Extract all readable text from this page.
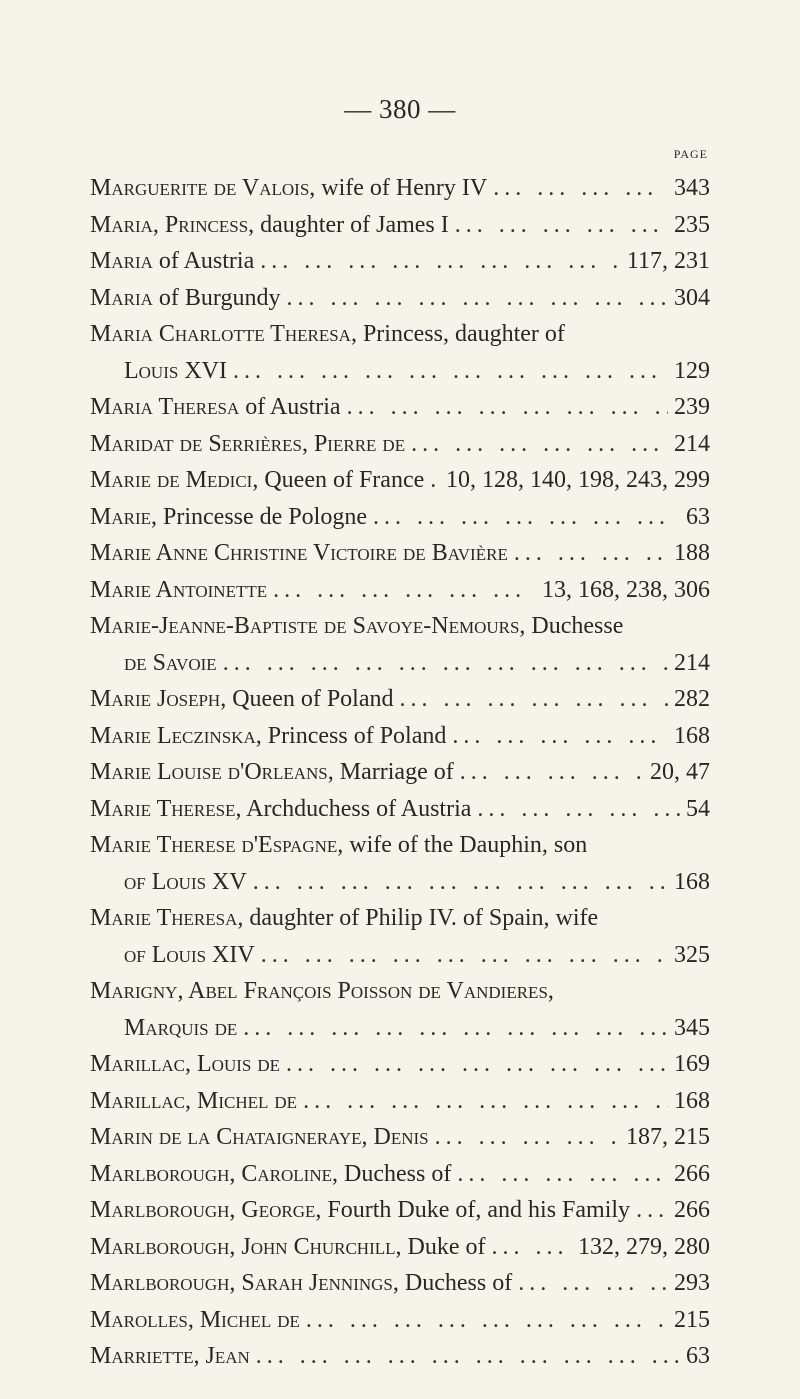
— 380 —
PAGE
Marguerite de Valois, wife of Henry IV ... .	343
Maria, Princess, daughter of James I ... .	235
Maria of Austria ... .	117, 231
Maria of Burgundy ... .	304
Maria Charlotte Theresa, Princess, daughter of
Louis XVI ... .	129
Maria Theresa of Austria ... .	239
Maridat de Serrières, Pierre de ... .	214
Marie de Medici, Queen of France ... . 10, 128, 140, 198, 243, 299
Marie, Princesse de Pologne ... .	63
Marie Anne Christine Victoire de Bavière ... .	188
Marie Antoinette ... .	13, 168, 238, 306
Marie-Jeanne-Baptiste de Savoye-Nemours, Duchesse
de Savoie ... .	214
Marie Joseph, Queen of Poland ... .	282
Marie Leczinska, Princess of Poland ... .	168
Marie Louise d'Orleans, Marriage of ... .	20, 47
Marie Therese, Archduchess of Austria ... .	54
Marie Therese d'Espagne, wife of the Dauphin, son
of Louis XV ... .	168
Marie Theresa, daughter of Philip IV. of Spain, wife
of Louis XIV ... .	325
Marigny, Abel François Poisson de Vandieres,
Marquis de ... .	345
Marillac, Louis de ... .	169
Marillac, Michel de ... .	168
Marin de la Chataigneraye, Denis ... .	187, 215
Marlborough, Caroline, Duchess of ... .	266
Marlborough, George, Fourth Duke of, and his Family ... . 266
Marlborough, John Churchill, Duke of ... .	132, 279, 280
Marlborough, Sarah Jennings, Duchess of ... .	293
Marolles, Michel de ... .	215
Marriette, Jean ... .	63
